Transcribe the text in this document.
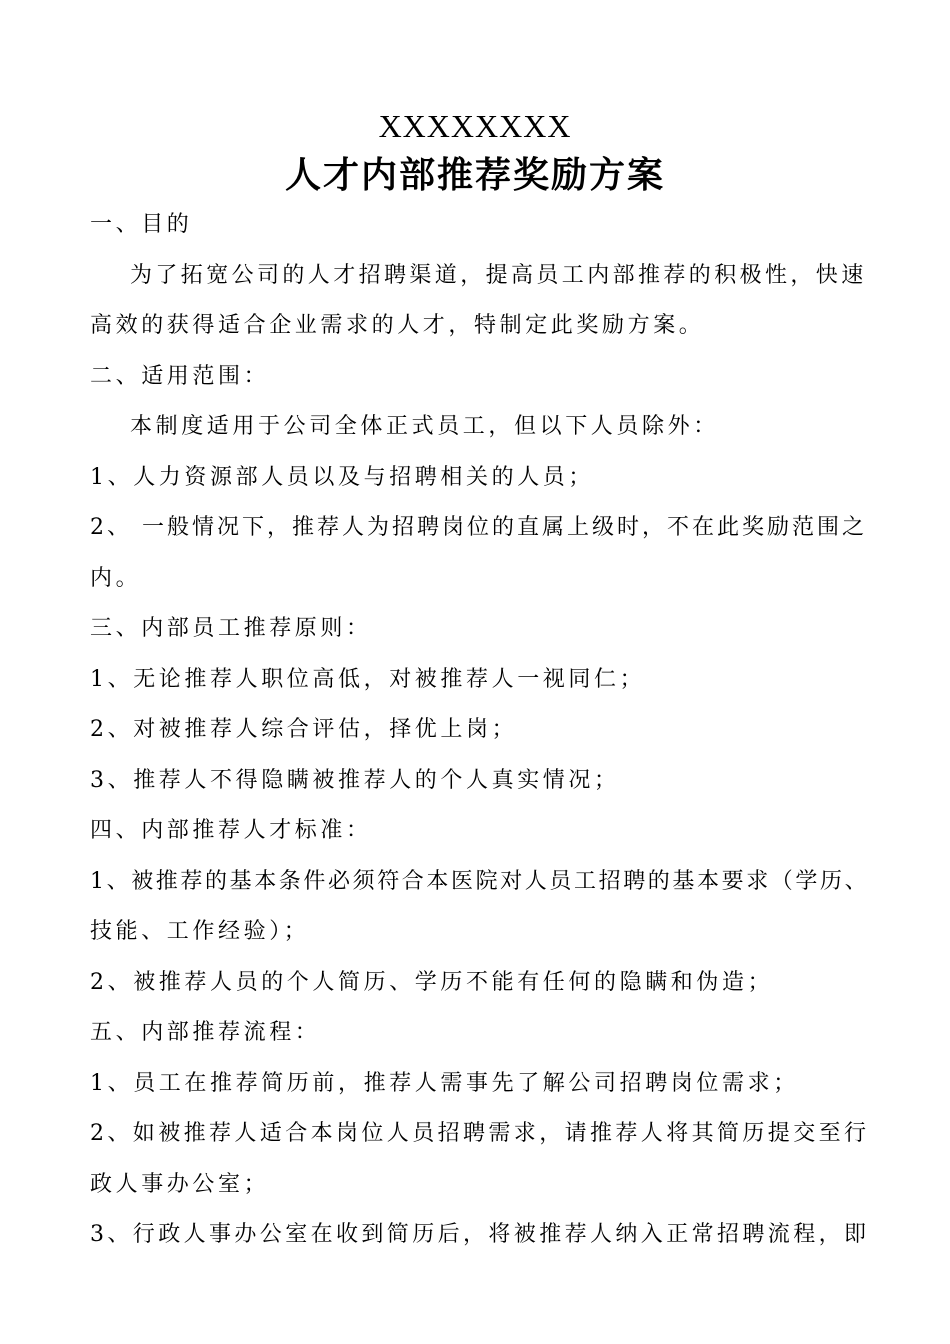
XXXXXXXX
人才内部推荐奖励方案
一、目的
为了拓宽公司的人才招聘渠道，提高员工内部推荐的积极性，快速
高效的获得适合企业需求的人才，特制定此奖励方案。
二、适用范围：
本制度适用于公司全体正式员工，但以下人员除外：
1、人力资源部人员以及与招聘相关的人员；
2、 一般情况下，推荐人为招聘岗位的直属上级时，不在此奖励范围之
内。
三、内部员工推荐原则：
1、无论推荐人职位高低，对被推荐人一视同仁；
2、对被推荐人综合评估，择优上岗；
3、推荐人不得隐瞒被推荐人的个人真实情况；
四、内部推荐人才标准：
1、被推荐的基本条件必须符合本医院对人员工招聘的基本要求（学历、
技能、工作经验）；
2、被推荐人员的个人简历、学历不能有任何的隐瞒和伪造；
五、内部推荐流程：
1、员工在推荐简历前，推荐人需事先了解公司招聘岗位需求；
2、如被推荐人适合本岗位人员招聘需求，请推荐人将其简历提交至行
政人事办公室；
3、行政人事办公室在收到简历后，将被推荐人纳入正常招聘流程，即
